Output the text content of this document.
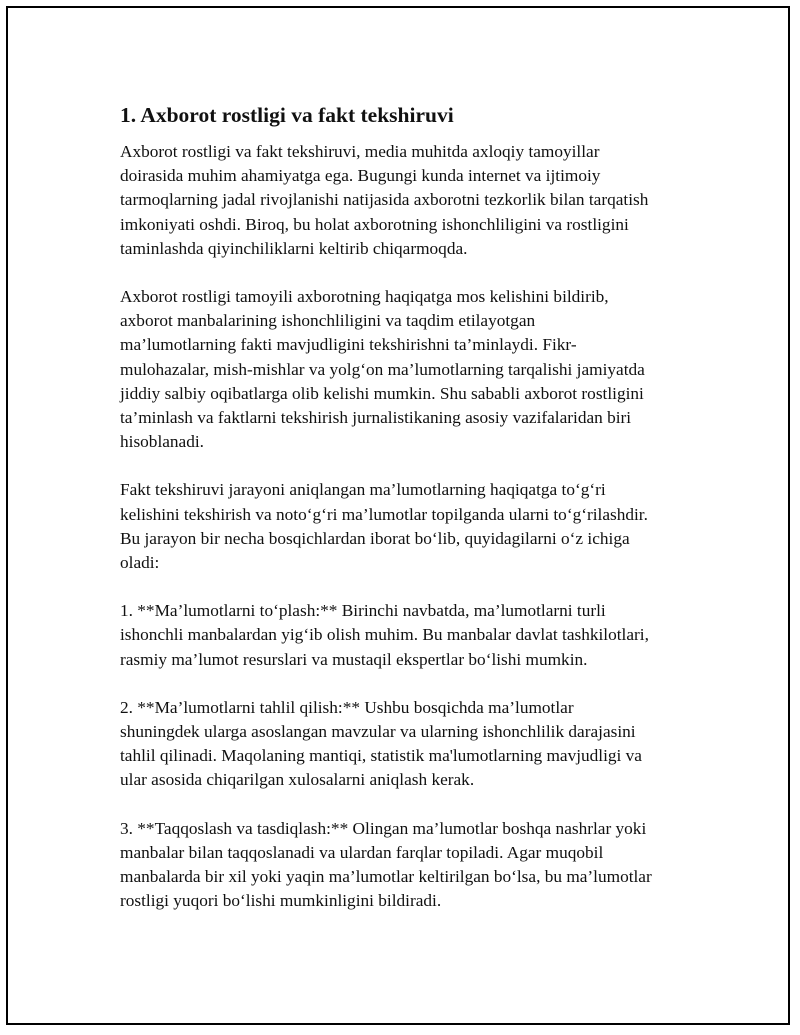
1. Axborot rostligi va fakt tekshiruvi
Axborot rostligi va fakt tekshiruvi, media muhitda axloqiy tamoyillar
doirasida muhim ahamiyatga ega. Bugungi kunda internet va ijtimoiy
tarmoqlarning jadal rivojlanishi natijasida axborotni tezkorlik bilan tarqatish
imkoniyati oshdi. Biroq, bu holat axborotning ishonchliligini va rostligini
taminlashda qiyinchiliklarni keltirib chiqarmoqda.
Axborot rostligi tamoyili axborotning haqiqatga mos kelishini bildirib,
axborot manbalarining ishonchliligini va taqdim etilayotgan
ma’lumotlarning fakti mavjudligini tekshirishni ta’minlaydi. Fikr-
mulohazalar, mish-mishlar va yolg‘on ma’lumotlarning tarqalishi jamiyatda
jiddiy salbiy oqibatlarga olib kelishi mumkin. Shu sababli axborot rostligini
ta’minlash va faktlarni tekshirish jurnalistikaning asosiy vazifalaridan biri
hisoblanadi.
Fakt tekshiruvi jarayoni aniqlangan ma’lumotlarning haqiqatga to‘g‘ri
kelishini tekshirish va noto‘g‘ri ma’lumotlar topilganda ularni to‘g‘rilashdir.
Bu jarayon bir necha bosqichlardan iborat bo‘lib, quyidagilarni o‘z ichiga
oladi:
1. **Ma’lumotlarni to‘plash:** Birinchi navbatda, ma’lumotlarni turli
ishonchli manbalardan yig‘ib olish muhim. Bu manbalar davlat tashkilotlari,
rasmiy ma’lumot resurslari va mustaqil ekspertlar bo‘lishi mumkin.
2. **Ma’lumotlarni tahlil qilish:** Ushbu bosqichda ma’lumotlar
shuningdek ularga asoslangan mavzular va ularning ishonchlilik darajasini
tahlil qilinadi. Maqolaning mantiqi, statistik ma'lumotlarning mavjudligi va
ular asosida chiqarilgan xulosalarni aniqlash kerak.
3. **Taqqoslash va tasdiqlash:** Olingan ma’lumotlar boshqa nashrlar yoki
manbalar bilan taqqoslanadi va ulardan farqlar topiladi. Agar muqobil
manbalarda bir xil yoki yaqin ma’lumotlar keltirilgan bo‘lsa, bu ma’lumotlar
rostligi yuqori bo‘lishi mumkinligini bildiradi.
